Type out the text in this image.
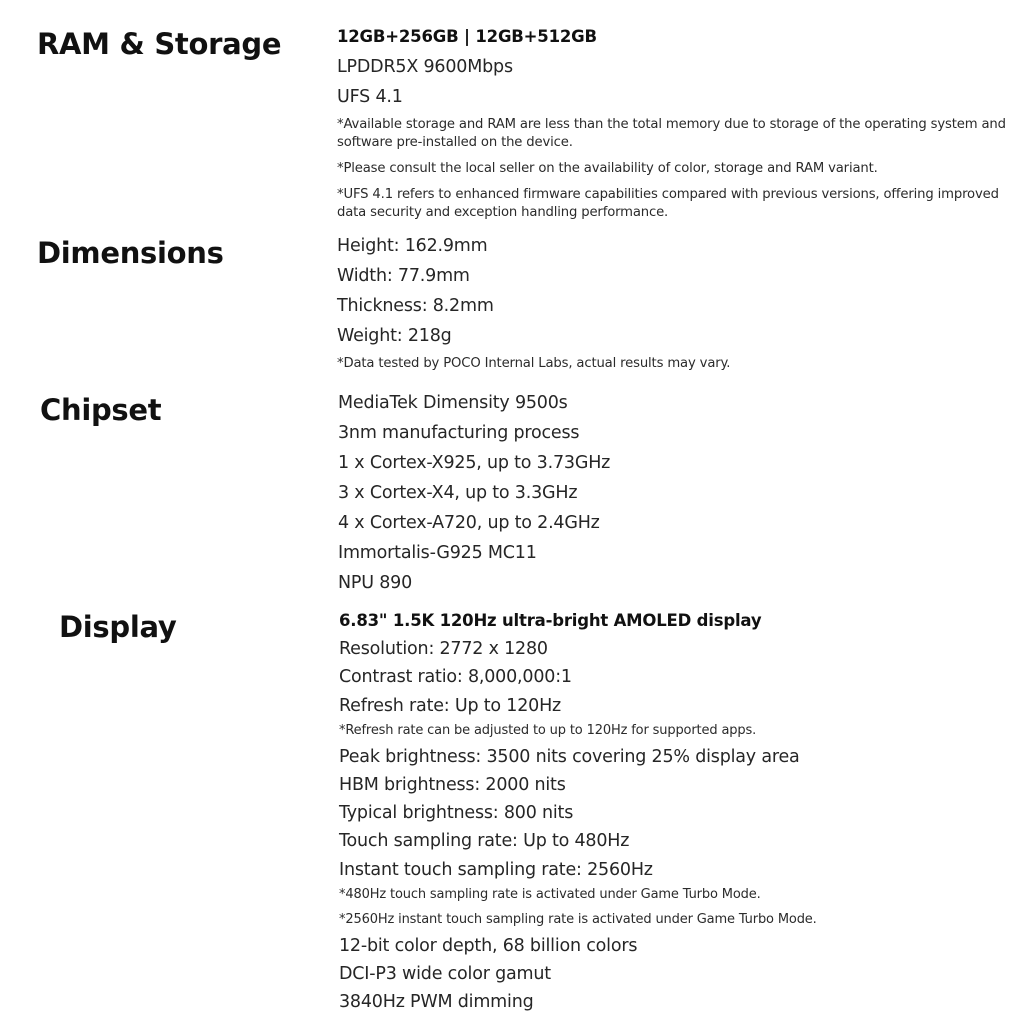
RAM & Storage	12GB+256GB | 12GB+512GB

LPDDR5X 9600Mbps

UFS 4.1

*Available storage and RAM are less than the total memory due to storage of the operating system and software pre-installed on the device.

*Please consult the local seller on the availability of color, storage and RAM variant.

*UFS 4.1 refers to enhanced firmware capabilities compared with previous versions, offering improved data security and exception handling performance.

Dimensions	Height: 162.9mm

Width: 77.9mm

Thickness: 8.2mm

Weight: 218g

*Data tested by POCO Internal Labs, actual results may vary.

Chipset	MediaTek Dimensity 9500s

3nm manufacturing process

1 x Cortex-X925, up to 3.73GHz

3 x Cortex-X4, up to 3.3GHz

4 x Cortex-A720, up to 2.4GHz

Immortalis-G925 MC11

NPU 890

Display	6.83" 1.5K 120Hz ultra-bright AMOLED display

Resolution: 2772 x 1280

Contrast ratio: 8,000,000:1

Refresh rate: Up to 120Hz

*Refresh rate can be adjusted to up to 120Hz for supported apps.

Peak brightness: 3500 nits covering 25% display area

HBM brightness: 2000 nits

Typical brightness: 800 nits

Touch sampling rate: Up to 480Hz

Instant touch sampling rate: 2560Hz

*480Hz touch sampling rate is activated under Game Turbo Mode.

*2560Hz instant touch sampling rate is activated under Game Turbo Mode.

12-bit color depth, 68 billion colors

DCI-P3 wide color gamut

3840Hz PWM dimming
